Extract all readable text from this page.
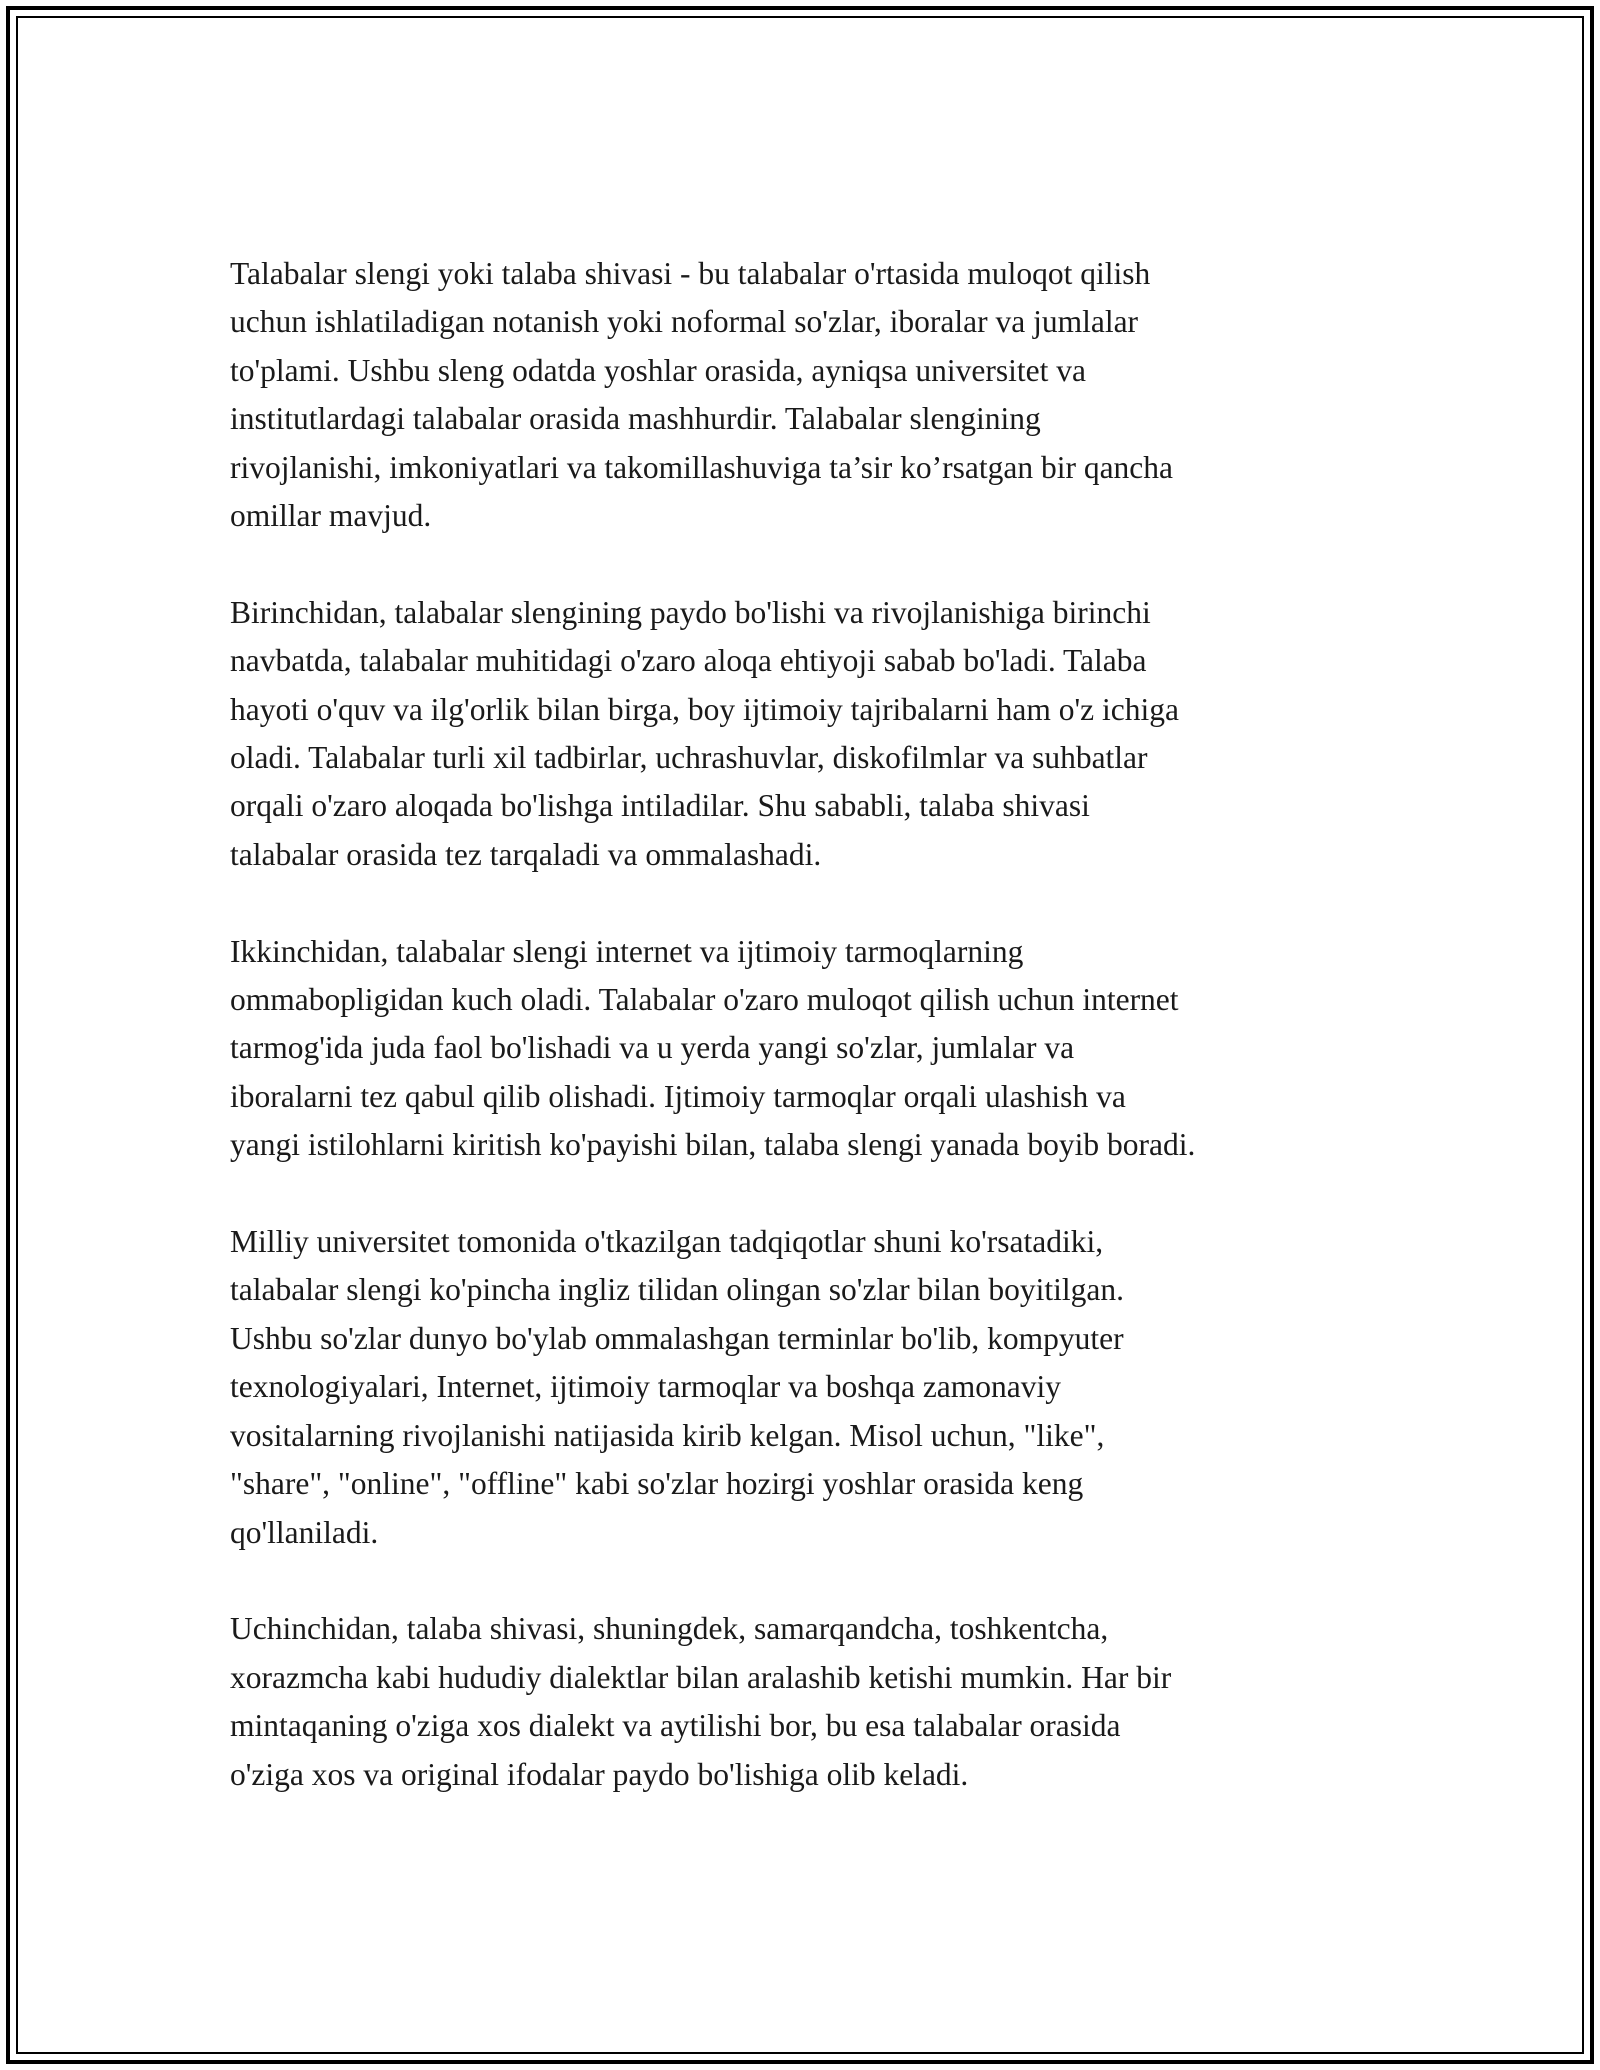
Talabalar slengi yoki talaba shivasi - bu talabalar o'rtasida muloqot qilish
uchun ishlatiladigan notanish yoki noformal so'zlar, iboralar va jumlalar
to'plami. Ushbu sleng odatda yoshlar orasida, ayniqsa universitet va
institutlardagi talabalar orasida mashhurdir. Talabalar slengining
rivojlanishi, imkoniyatlari va takomillashuviga ta’sir ko’rsatgan bir qancha
omillar mavjud.

Birinchidan, talabalar slengining paydo bo'lishi va rivojlanishiga birinchi
navbatda, talabalar muhitidagi o'zaro aloqa ehtiyoji sabab bo'ladi. Talaba
hayoti o'quv va ilg'orlik bilan birga, boy ijtimoiy tajribalarni ham o'z ichiga
oladi. Talabalar turli xil tadbirlar, uchrashuvlar, diskofilmlar va suhbatlar
orqali o'zaro aloqada bo'lishga intiladilar. Shu sababli, talaba shivasi
talabalar orasida tez tarqaladi va ommalashadi.

Ikkinchidan, talabalar slengi internet va ijtimoiy tarmoqlarning
ommabopligidan kuch oladi. Talabalar o'zaro muloqot qilish uchun internet
tarmog'ida juda faol bo'lishadi va u yerda yangi so'zlar, jumlalar va
iboralarni tez qabul qilib olishadi. Ijtimoiy tarmoqlar orqali ulashish va
yangi istilohlarni kiritish ko'payishi bilan, talaba slengi yanada boyib boradi.

Milliy universitet tomonida o'tkazilgan tadqiqotlar shuni ko'rsatadiki,
talabalar slengi ko'pincha ingliz tilidan olingan so'zlar bilan boyitilgan.
Ushbu so'zlar dunyo bo'ylab ommalashgan terminlar bo'lib, kompyuter
texnologiyalari, Internet, ijtimoiy tarmoqlar va boshqa zamonaviy
vositalarning rivojlanishi natijasida kirib kelgan. Misol uchun, "like",
"share", "online", "offline" kabi so'zlar hozirgi yoshlar orasida keng
qo'llaniladi.

Uchinchidan, talaba shivasi, shuningdek, samarqandcha, toshkentcha,
xorazmcha kabi hududiy dialektlar bilan aralashib ketishi mumkin. Har bir
mintaqaning o'ziga xos dialekt va aytilishi bor, bu esa talabalar orasida
o'ziga xos va original ifodalar paydo bo'lishiga olib keladi.
